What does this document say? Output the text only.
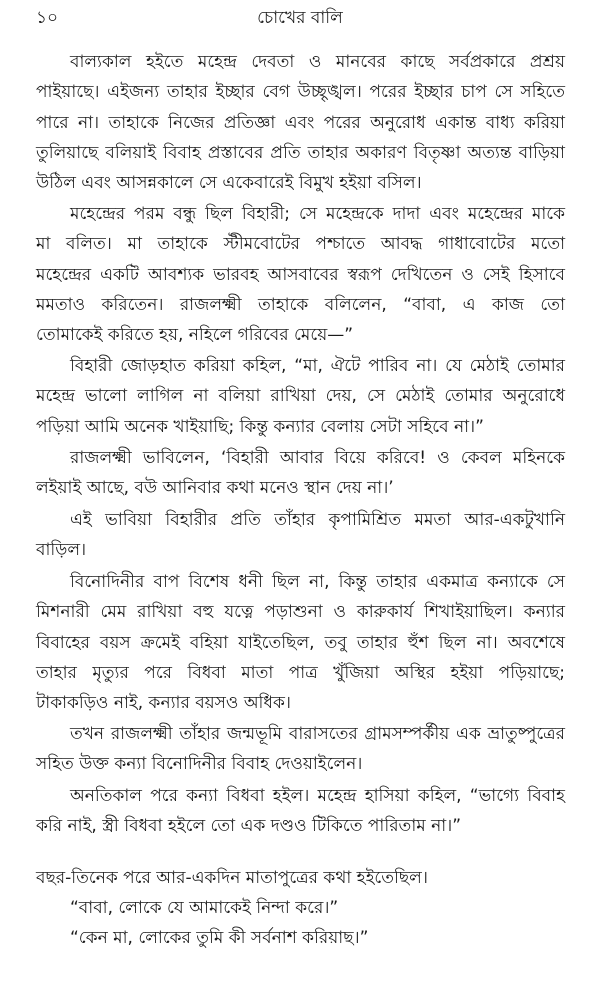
১০	চোখের বালি
বাল্যকাল হইতে মহেন্দ্র দেবতা ও মানবের কাছে সর্বপ্রকারে প্রশ্রয়
পাইয়াছে। এইজন্য তাহার ইচ্ছার বেগ উচ্ছৃঙ্খল। পরের ইচ্ছার চাপ সে সহিতে
পারে না। তাহাকে নিজের প্রতিজ্ঞা এবং পরের অনুরোধ একান্ত বাধ্য করিয়া
তুলিয়াছে বলিয়াই বিবাহ প্রস্তাবের প্রতি তাহার অকারণ বিতৃষ্ণা অত্যন্ত বাড়িয়া
উঠিল এবং আসন্নকালে সে একেবারেই বিমুখ হইয়া বসিল।
মহেন্দ্রের পরম বন্ধু ছিল বিহারী; সে মহেন্দ্রকে দাদা এবং মহেন্দ্রের মাকে
মা বলিত। মা তাহাকে স্টীমবোটের পশ্চাতে আবদ্ধ গাধাবোটের মতো
মহেন্দ্রের একটি আবশ্যক ভারবহ আসবাবের স্বরূপ দেখিতেন ও সেই হিসাবে
মমতাও করিতেন। রাজলক্ষ্মী তাহাকে বলিলেন, “বাবা, এ কাজ তো
তোমাকেই করিতে হয়, নহিলে গরিবের মেয়ে—”
বিহারী জোড়হাত করিয়া কহিল, “মা, ঐটে পারিব না। যে মেঠাই তোমার
মহেন্দ্র ভালো লাগিল না বলিয়া রাখিয়া দেয়, সে মেঠাই তোমার অনুরোধে
পড়িয়া আমি অনেক খাইয়াছি; কিন্তু কন্যার বেলায় সেটা সহিবে না।”
রাজলক্ষ্মী ভাবিলেন, ‘বিহারী আবার বিয়ে করিবে! ও কেবল মহিনকে
লইয়াই আছে, বউ আনিবার কথা মনেও স্থান দেয় না।’
এই ভাবিয়া বিহারীর প্রতি তাঁহার কৃপামিশ্রিত মমতা আর-একটুখানি
বাড়িল।
বিনোদিনীর বাপ বিশেষ ধনী ছিল না, কিন্তু তাহার একমাত্র কন্যাকে সে
মিশনারী মেম রাখিয়া বহু যত্নে পড়াশুনা ও কারুকার্য শিখাইয়াছিল। কন্যার
বিবাহের বয়স ক্রমেই বহিয়া যাইতেছিল, তবু তাহার হুঁশ ছিল না। অবশেষে
তাহার মৃত্যুর পরে বিধবা মাতা পাত্র খুঁজিয়া অস্থির হইয়া পড়িয়াছে;
টাকাকড়িও নাই, কন্যার বয়সও অধিক।
তখন রাজলক্ষ্মী তাঁহার জন্মভূমি বারাসতের গ্রামসম্পর্কীয় এক ভ্রাতুষ্পুত্রের
সহিত উক্ত কন্যা বিনোদিনীর বিবাহ দেওয়াইলেন।
অনতিকাল পরে কন্যা বিধবা হইল। মহেন্দ্র হাসিয়া কহিল, “ভাগ্যে বিবাহ
করি নাই, স্ত্রী বিধবা হইলে তো এক দণ্ডও টিকিতে পারিতাম না।”
বছর-তিনেক পরে আর-একদিন মাতাপুত্রের কথা হইতেছিল।
“বাবা, লোকে যে আমাকেই নিন্দা করে।”
“কেন মা, লোকের তুমি কী সর্বনাশ করিয়াছ।”
